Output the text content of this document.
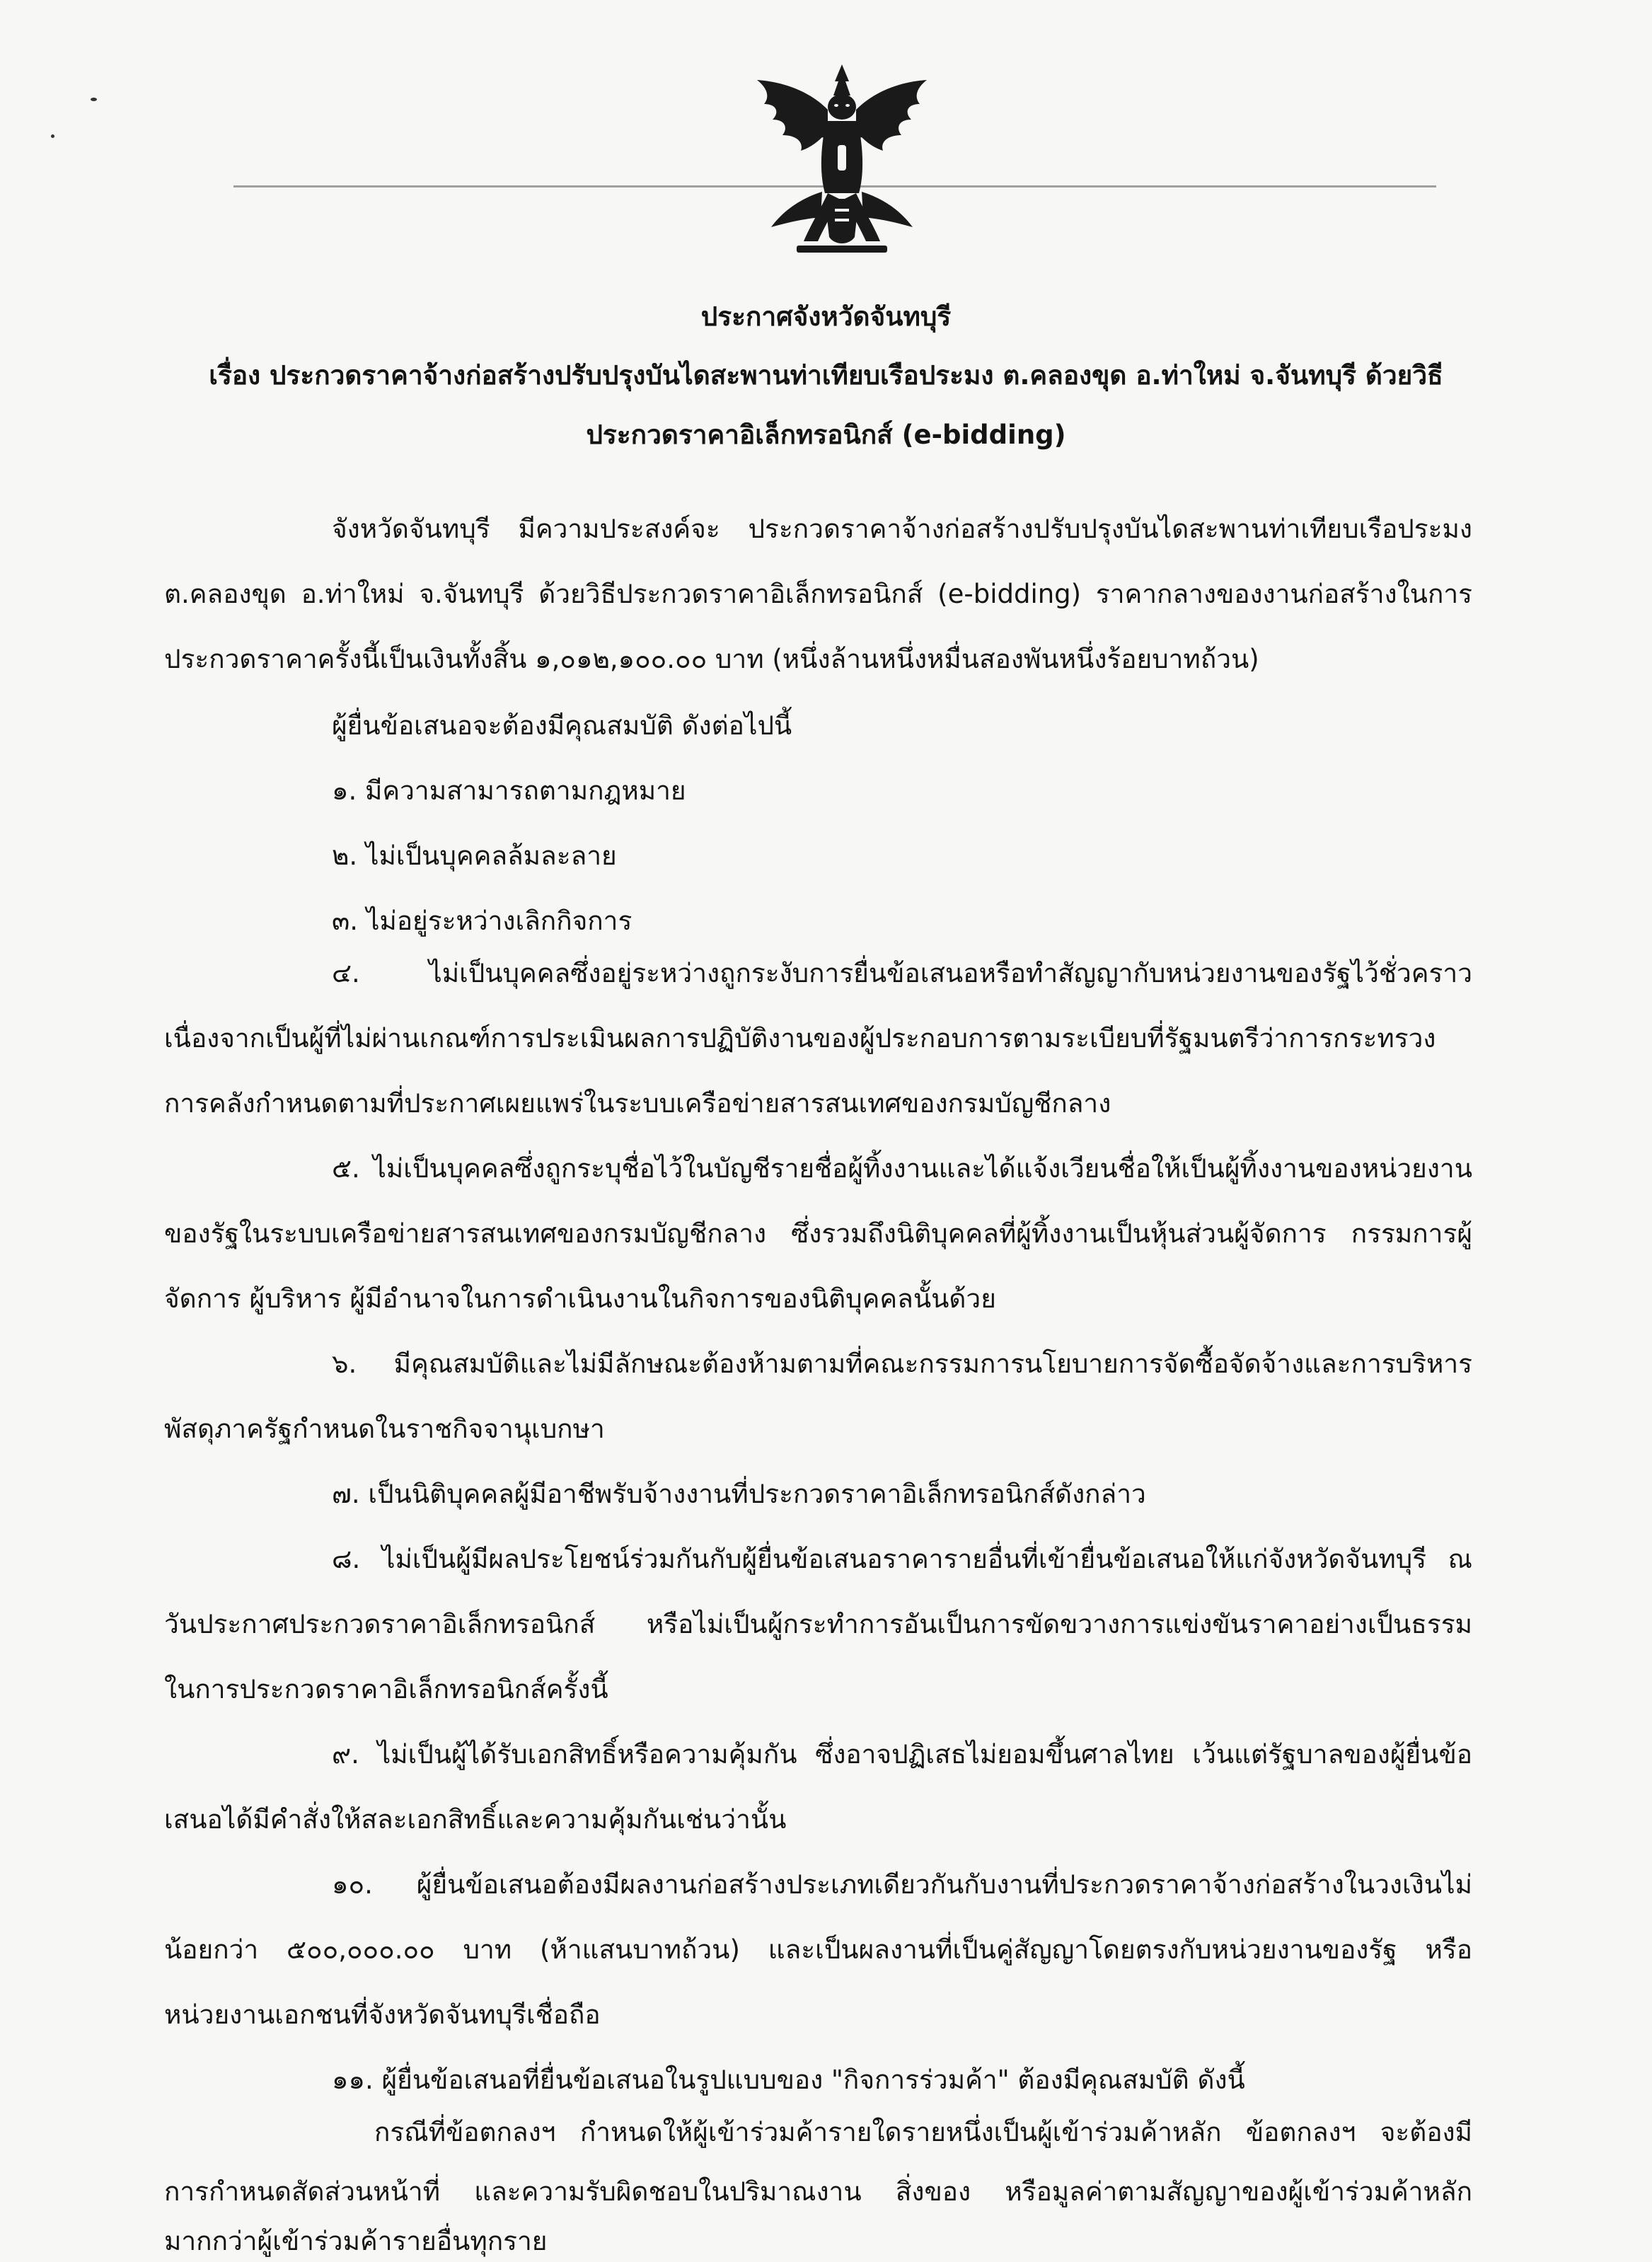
ประกาศจังหวัดจันทบุรี
เรื่อง ประกวดราคาจ้างก่อสร้างปรับปรุงบันไดสะพานท่าเทียบเรือประมง ต.คลองขุด อ.ท่าใหม่ จ.จันทบุรี ด้วยวิธี
ประกวดราคาอิเล็กทรอนิกส์ (e-bidding)
จังหวัดจันทบุรี มีความประสงค์จะ ประกวดราคาจ้างก่อสร้างปรับปรุงบันไดสะพานท่าเทียบเรือประมง
ต.คลองขุด อ.ท่าใหม่ จ.จันทบุรี ด้วยวิธีประกวดราคาอิเล็กทรอนิกส์ (e-bidding) ราคากลางของงานก่อสร้างในการ
ประกวดราคาครั้งนี้เป็นเงินทั้งสิ้น ๑,๐๑๒,๑๐๐.๐๐ บาท (หนึ่งล้านหนึ่งหมื่นสองพันหนึ่งร้อยบาทถ้วน)
ผู้ยื่นข้อเสนอจะต้องมีคุณสมบัติ ดังต่อไปนี้
๑. มีความสามารถตามกฎหมาย
๒. ไม่เป็นบุคคลล้มละลาย
๓. ไม่อยู่ระหว่างเลิกกิจการ
๔. ไม่เป็นบุคคลซึ่งอยู่ระหว่างถูกระงับการยื่นข้อเสนอหรือทำสัญญากับหน่วยงานของรัฐไว้ชั่วคราว
เนื่องจากเป็นผู้ที่ไม่ผ่านเกณฑ์การประเมินผลการปฏิบัติงานของผู้ประกอบการตามระเบียบที่รัฐมนตรีว่าการกระทรวง
การคลังกำหนดตามที่ประกาศเผยแพร่ในระบบเครือข่ายสารสนเทศของกรมบัญชีกลาง
๕. ไม่เป็นบุคคลซึ่งถูกระบุชื่อไว้ในบัญชีรายชื่อผู้ทิ้งงานและได้แจ้งเวียนชื่อให้เป็นผู้ทิ้งงานของหน่วยงาน
ของรัฐในระบบเครือข่ายสารสนเทศของกรมบัญชีกลาง ซึ่งรวมถึงนิติบุคคลที่ผู้ทิ้งงานเป็นหุ้นส่วนผู้จัดการ กรรมการผู้
จัดการ ผู้บริหาร ผู้มีอำนาจในการดำเนินงานในกิจการของนิติบุคคลนั้นด้วย
๖. มีคุณสมบัติและไม่มีลักษณะต้องห้ามตามที่คณะกรรมการนโยบายการจัดซื้อจัดจ้างและการบริหาร
พัสดุภาครัฐกำหนดในราชกิจจานุเบกษา
๗. เป็นนิติบุคคลผู้มีอาชีพรับจ้างงานที่ประกวดราคาอิเล็กทรอนิกส์ดังกล่าว
๘. ไม่เป็นผู้มีผลประโยชน์ร่วมกันกับผู้ยื่นข้อเสนอราคารายอื่นที่เข้ายื่นข้อเสนอให้แก่จังหวัดจันทบุรี ณ
วันประกาศประกวดราคาอิเล็กทรอนิกส์ หรือไม่เป็นผู้กระทำการอันเป็นการขัดขวางการแข่งขันราคาอย่างเป็นธรรม
ในการประกวดราคาอิเล็กทรอนิกส์ครั้งนี้
๙. ไม่เป็นผู้ได้รับเอกสิทธิ์หรือความคุ้มกัน ซึ่งอาจปฏิเสธไม่ยอมขึ้นศาลไทย เว้นแต่รัฐบาลของผู้ยื่นข้อ
เสนอได้มีคำสั่งให้สละเอกสิทธิ์และความคุ้มกันเช่นว่านั้น
๑๐. ผู้ยื่นข้อเสนอต้องมีผลงานก่อสร้างประเภทเดียวกันกับงานที่ประกวดราคาจ้างก่อสร้างในวงเงินไม่
น้อยกว่า ๕๐๐,๐๐๐.๐๐ บาท (ห้าแสนบาทถ้วน) และเป็นผลงานที่เป็นคู่สัญญาโดยตรงกับหน่วยงานของรัฐ หรือ
หน่วยงานเอกชนที่จังหวัดจันทบุรีเชื่อถือ
๑๑. ผู้ยื่นข้อเสนอที่ยื่นข้อเสนอในรูปแบบของ "กิจการร่วมค้า" ต้องมีคุณสมบัติ ดังนี้
กรณีที่ข้อตกลงฯ กำหนดให้ผู้เข้าร่วมค้ารายใดรายหนึ่งเป็นผู้เข้าร่วมค้าหลัก ข้อตกลงฯ จะต้องมี
การกำหนดสัดส่วนหน้าที่ และความรับผิดชอบในปริมาณงาน สิ่งของ หรือมูลค่าตามสัญญาของผู้เข้าร่วมค้าหลัก
มากกว่าผู้เข้าร่วมค้ารายอื่นทุกราย
